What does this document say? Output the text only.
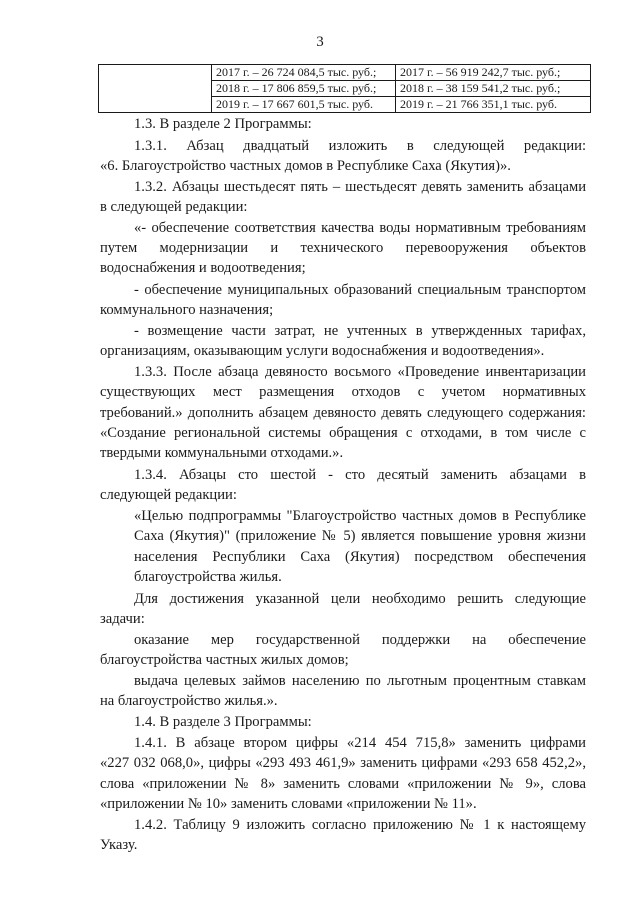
3
	2017 г. – 26 724 084,5 тыс. руб.;	2017 г. – 56 919 242,7 тыс. руб.;
	2018 г. – 17 806 859,5 тыс. руб.;	2018 г. – 38 159 541,2 тыс. руб.;
	2019 г. – 17 667 601,5 тыс. руб.	2019 г. – 21 766 351,1 тыс. руб.
1.3. В разделе 2 Программы:
1.3.1. Абзац двадцатый изложить в следующей редакции:
«6. Благоустройство частных домов в Республике Саха (Якутия)».
1.3.2. Абзацы шестьдесят пять – шестьдесят девять заменить абзацами
в следующей редакции:
«- обеспечение соответствия качества воды нормативным требованиям
путем модернизации и технического перевооружения объектов
водоснабжения и водоотведения;
- обеспечение муниципальных образований специальным транспортом
коммунального назначения;
- возмещение части затрат, не учтенных в утвержденных тарифах,
организациям, оказывающим услуги водоснабжения и водоотведения».
1.3.3. После абзаца девяносто восьмого «Проведение инвентаризации
существующих мест размещения отходов с учетом нормативных
требований.» дополнить абзацем девяносто девять следующего содержания:
«Создание региональной системы обращения с отходами, в том числе с
твердыми коммунальными отходами.».
1.3.4. Абзацы сто шестой - сто десятый заменить абзацами в
следующей редакции:
«Целью подпрограммы "Благоустройство частных домов в Республике
Саха (Якутия)" (приложение № 5) является повышение уровня жизни
населения Республики Саха (Якутия) посредством обеспечения
благоустройства жилья.
Для достижения указанной цели необходимо решить следующие
задачи:
оказание мер государственной поддержки на обеспечение
благоустройства частных жилых домов;
выдача целевых займов населению по льготным процентным ставкам
на благоустройство жилья.».
1.4. В разделе 3 Программы:
1.4.1. В абзаце втором цифры «214 454 715,8» заменить цифрами
«227 032 068,0», цифры «293 493 461,9» заменить цифрами «293 658 452,2»,
слова «приложении № 8» заменить словами «приложении № 9», слова
«приложении № 10» заменить словами «приложении № 11».
1.4.2. Таблицу 9 изложить согласно приложению № 1 к настоящему
Указу.
